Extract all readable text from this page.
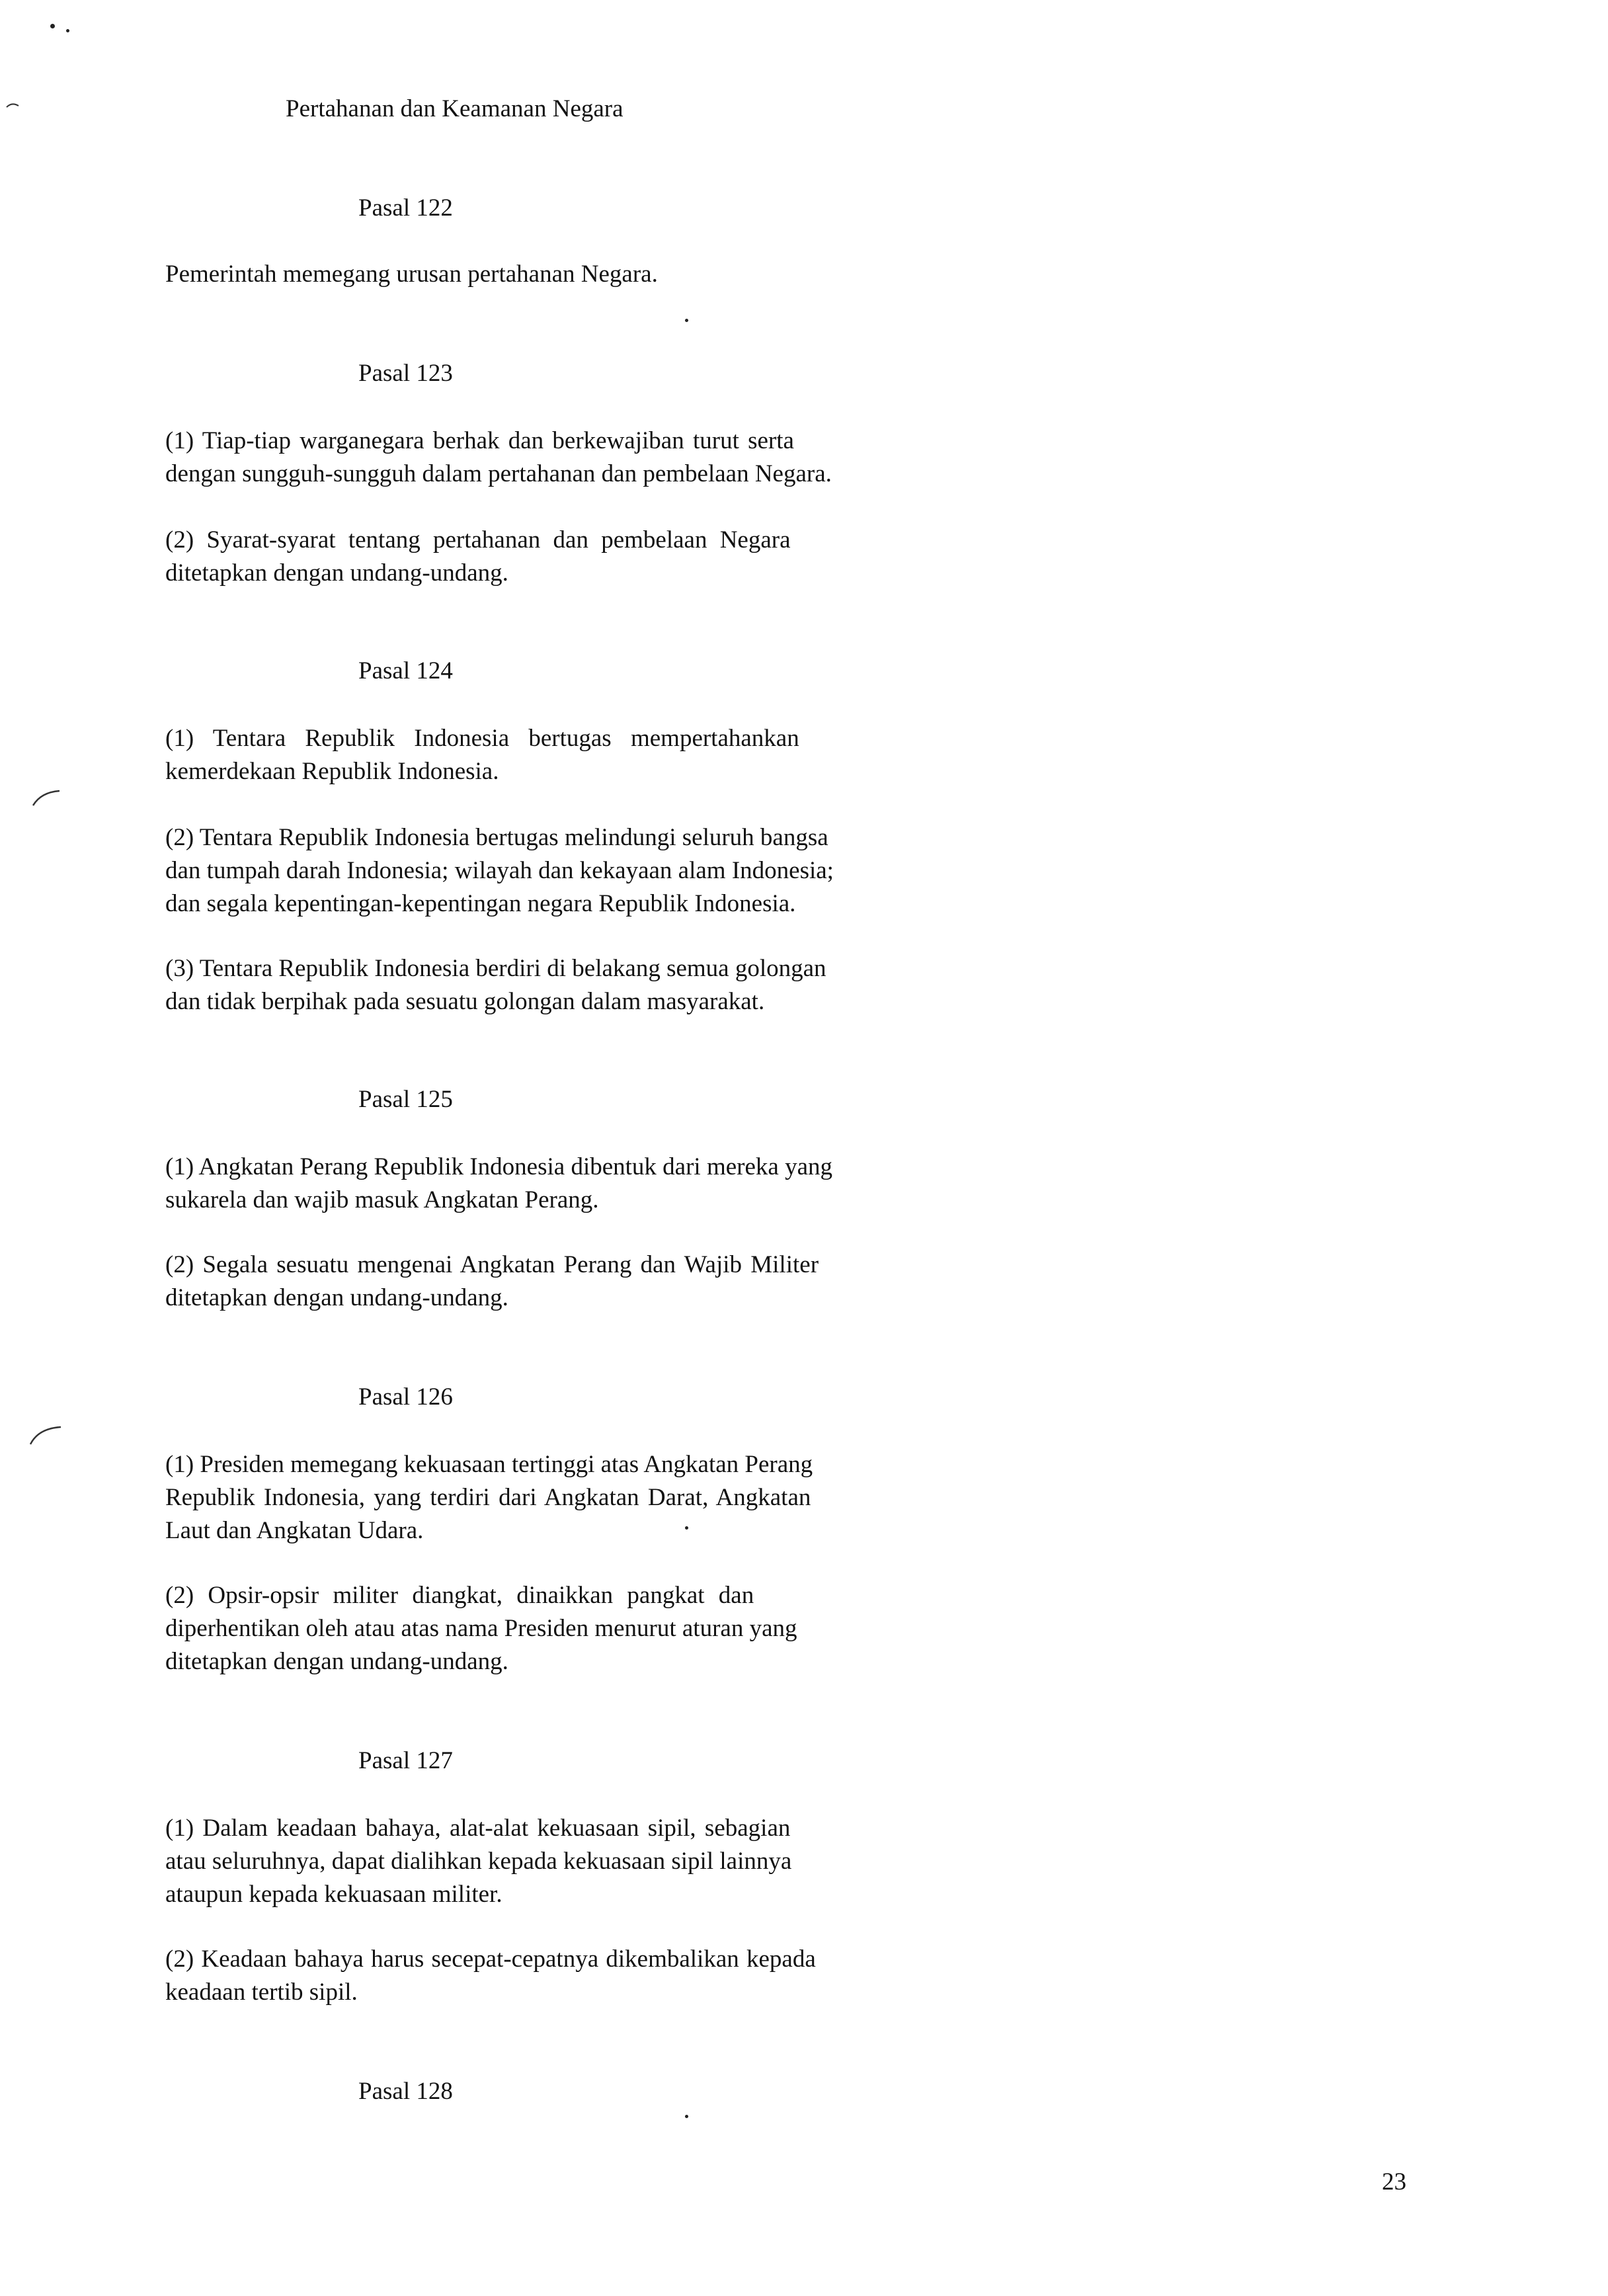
Pertahanan dan Keamanan Negara
Pasal 122
Pemerintah memegang urusan pertahanan Negara.
Pasal 123
(1) Tiap-tiap warganegara berhak dan berkewajiban turut serta
dengan sungguh-sungguh dalam pertahanan dan pembelaan Negara.
(2) Syarat-syarat tentang pertahanan dan pembelaan Negara
ditetapkan dengan undang-undang.
Pasal 124
(1) Tentara Republik Indonesia bertugas mempertahankan
kemerdekaan Republik Indonesia.
(2) Tentara Republik Indonesia bertugas melindungi seluruh bangsa
dan tumpah darah Indonesia; wilayah dan kekayaan alam Indonesia;
dan segala kepentingan-kepentingan negara Republik Indonesia.
(3) Tentara Republik Indonesia berdiri di belakang semua golongan
dan tidak berpihak pada sesuatu golongan dalam masyarakat.
Pasal 125
(1) Angkatan Perang Republik Indonesia dibentuk dari mereka yang
sukarela dan wajib masuk Angkatan Perang.
(2) Segala sesuatu mengenai Angkatan Perang dan Wajib Militer
ditetapkan dengan undang-undang.
Pasal 126
(1) Presiden memegang kekuasaan tertinggi atas Angkatan Perang
Republik Indonesia, yang terdiri dari Angkatan Darat, Angkatan
Laut dan Angkatan Udara.
(2) Opsir-opsir militer diangkat, dinaikkan pangkat dan
diperhentikan oleh atau atas nama Presiden menurut aturan yang
ditetapkan dengan undang-undang.
Pasal 127
(1) Dalam keadaan bahaya, alat-alat kekuasaan sipil, sebagian
atau seluruhnya, dapat dialihkan kepada kekuasaan sipil lainnya
ataupun kepada kekuasaan militer.
(2) Keadaan bahaya harus secepat-cepatnya dikembalikan kepada
keadaan tertib sipil.
Pasal 128
23
